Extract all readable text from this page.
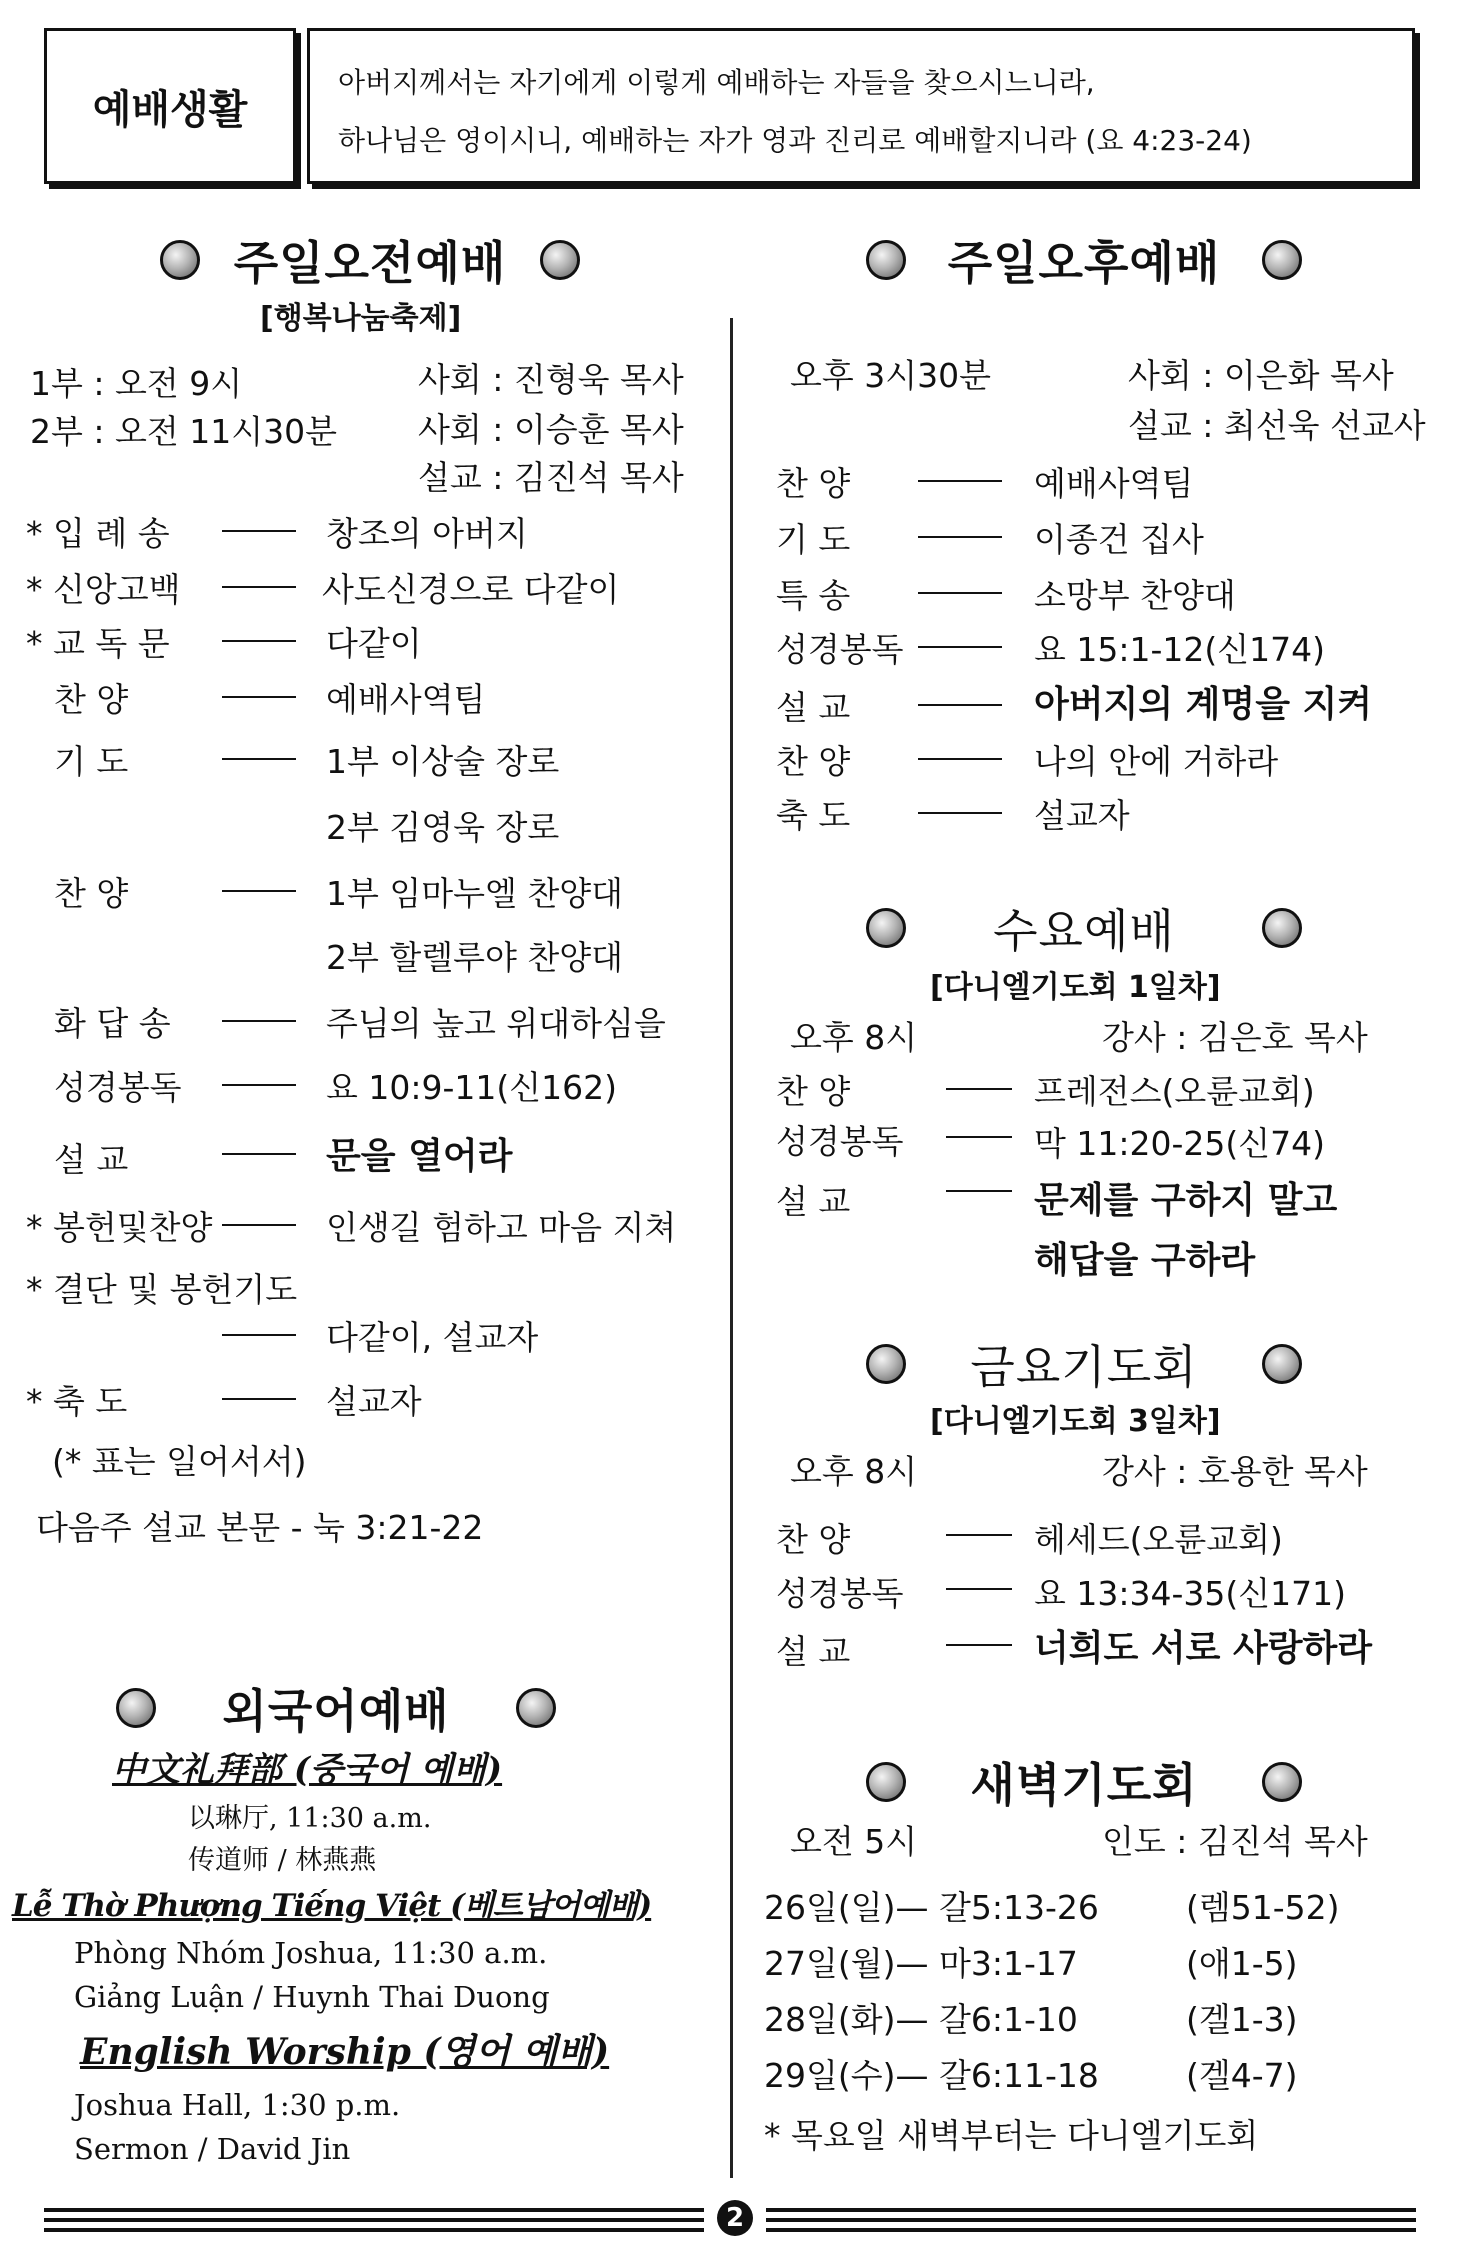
예배생활
아버지께서는 자기에게 이렇게 예배하는 자들을 찾으시느니라,
하나님은 영이시니, 예배하는 자가 영과 진리로 예배할지니라 (요 4:23-24)
주일오전예배
[행복나눔축제]
1부 : 오전 9시	사회 : 진형욱 목사
2부 : 오전 11시30분 사회 : 이승훈 목사
설교 : 김진석 목사
* 입 례 송	창조의 아버지
* 신앙고백	사도신경으로 다같이
* 교 독 문	다같이
찬 양	예배사역팀
기 도	1부 이상술 장로
2부 김영욱 장로
찬 양	1부 임마누엘 찬양대
2부 할렐루야 찬양대
화 답 송	주님의 높고 위대하심을
성경봉독	요 10:9-11(신162)
설 교	문을 열어라
* 봉헌및찬양	인생길 험하고 마음 지쳐
* 결단 및 봉헌기도
다같이, 설교자
* 축 도	설교자
(* 표는 일어서서)
다음주 설교 본문 - 눅 3:21-22
외국어예배
中文礼拜部 (중국어 예배)
以琳厅, 11:30 a.m.
传道师 / 林燕燕
Lễ Thờ Phượng Tiếng Việt (베트남어예배)
Phòng Nhóm Joshua, 11:30 a.m.
Giảng Luận / Huynh Thai Duong
English Worship (영어 예배)
Joshua Hall, 1:30 p.m.
Sermon / David Jin
주일오후예배
오후 3시30분	사회 : 이은화 목사
설교 : 최선욱 선교사
찬 양	예배사역팀
기 도	이종건 집사
특 송	소망부 찬양대
성경봉독	요 15:1-12(신174)
설 교	아버지의 계명을 지켜
찬 양	나의 안에 거하라
축 도	설교자
수요예배
[다니엘기도회 1일차]
오후 8시	강사 : 김은호 목사
찬 양	프레전스(오륜교회)
성경봉독	막 11:20-25(신74)
설 교	문제를 구하지 말고
해답을 구하라
금요기도회
[다니엘기도회 3일차]
오후 8시	강사 : 호용한 목사
찬 양	헤세드(오륜교회)
성경봉독	요 13:34-35(신171)
설 교	너희도 서로 사랑하라
새벽기도회
오전 5시	인도 : 김진석 목사
26일(일)— 갈5:13-26	(렘51-52)
27일(월)— 마3:1-17	(애1-5)
28일(화)— 갈6:1-10	(겔1-3)
29일(수)— 갈6:11-18	(겔4-7)
* 목요일 새벽부터는 다니엘기도회
2
